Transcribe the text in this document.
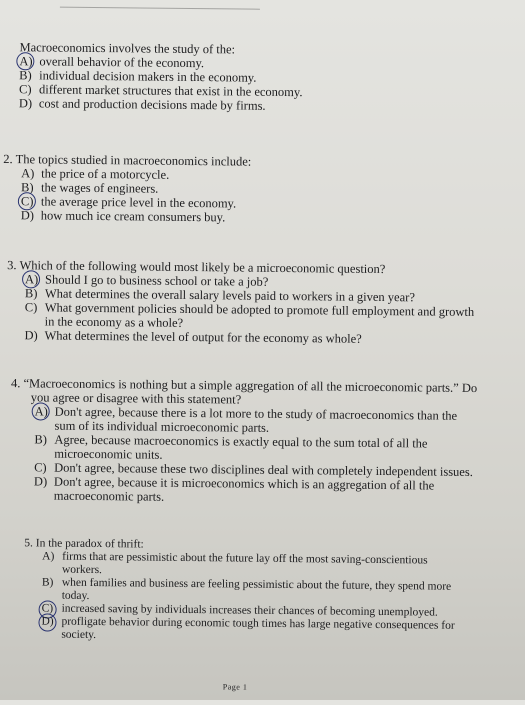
Macroeconomics involves the study of the:
A) overall behavior of the economy.
B) individual decision makers in the economy.
C) different market structures that exist in the economy.
D) cost and production decisions made by firms.
2. The topics studied in macroeconomics include:
A) the price of a motorcycle.
B) the wages of engineers.
C) the average price level in the economy.
D) how much ice cream consumers buy.
3. Which of the following would most likely be a microeconomic question?
A) Should I go to business school or take a job?
B) What determines the overall salary levels paid to workers in a given year?
C) What government policies should be adopted to promote full employment and growth in the economy as a whole?
D) What determines the level of output for the economy as whole?
4. “Macroeconomics is nothing but a simple aggregation of all the microeconomic parts.” Do you agree or disagree with this statement?
A) Don't agree, because there is a lot more to the study of macroeconomics than the sum of its individual microeconomic parts.
B) Agree, because macroeconomics is exactly equal to the sum total of all the microeconomic units.
C) Don't agree, because these two disciplines deal with completely independent issues.
D) Don't agree, because it is microeconomics which is an aggregation of all the macroeconomic parts.
5. In the paradox of thrift:
A) firms that are pessimistic about the future lay off the most saving-conscientious workers.
B) when families and business are feeling pessimistic about the future, they spend more today.
C) increased saving by individuals increases their chances of becoming unemployed.
D) profligate behavior during economic tough times has large negative consequences for society.
Page 1
